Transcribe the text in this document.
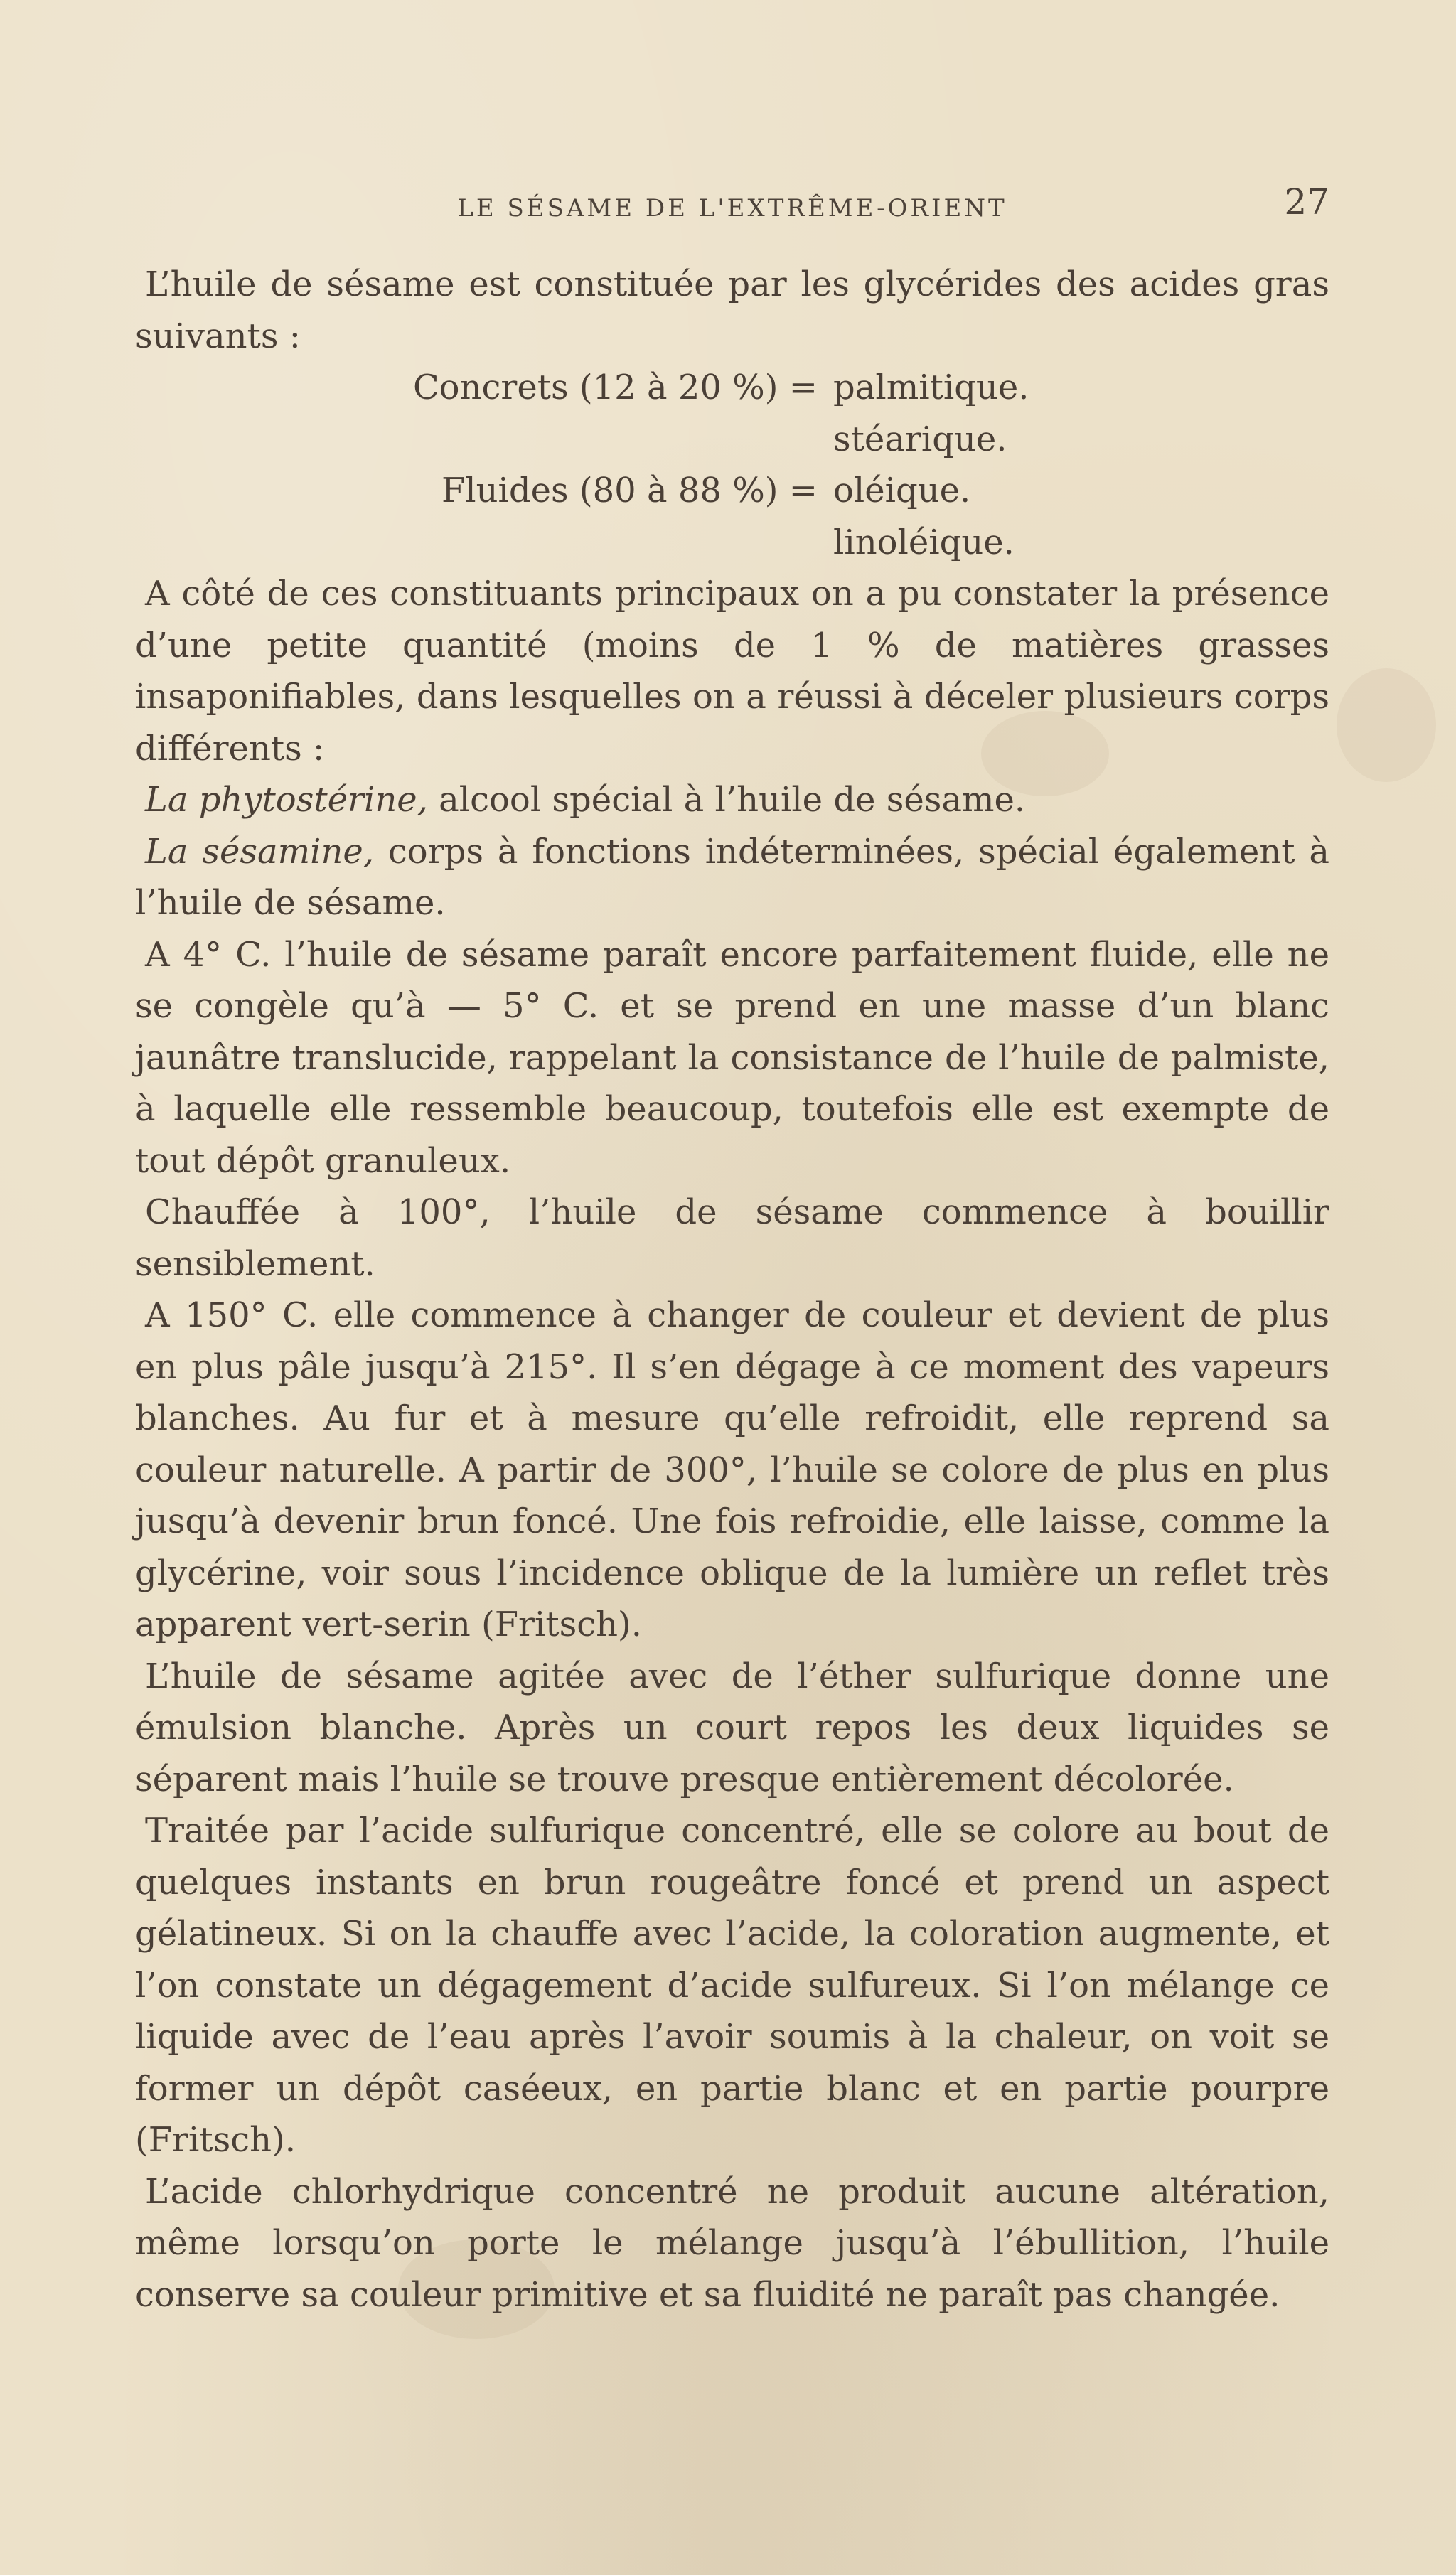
LE SÉSAME DE L'EXTRÊME-ORIENT	27

L’huile de sésame est constituée par les glycérides des acides gras suivants :

Concrets (12 à 20 %) = palmitique.
stéarique.
Fluides (80 à 88 %) = oléique.
linoléique.

A côté de ces constituants principaux on a pu constater la présence d’une petite quantité (moins de 1 % de matières grasses insaponifiables, dans lesquelles on a réussi à déceler plusieurs corps différents :

La phytostérine, alcool spécial à l’huile de sésame.

La sésamine, corps à fonctions indéterminées, spécial également à l’huile de sésame.

A 4° C. l’huile de sésame paraît encore parfaitement fluide, elle ne se congèle qu’à — 5° C. et se prend en une masse d’un blanc jaunâtre translucide, rappelant la consistance de l’huile de palmiste, à laquelle elle ressemble beaucoup, toutefois elle est exempte de tout dépôt granuleux.

Chauffée à 100°, l’huile de sésame commence à bouillir sensiblement.

A 150° C. elle commence à changer de couleur et devient de plus en plus pâle jusqu’à 215°. Il s’en dégage à ce moment des vapeurs blanches. Au fur et à mesure qu’elle refroidit, elle reprend sa couleur naturelle. A partir de 300°, l’huile se colore de plus en plus jusqu’à devenir brun foncé. Une fois refroidie, elle laisse, comme la glycérine, voir sous l’incidence oblique de la lumière un reflet très apparent vert-serin (Fritsch).

L’huile de sésame agitée avec de l’éther sulfurique donne une émulsion blanche. Après un court repos les deux liquides se séparent mais l’huile se trouve presque entièrement décolorée.

Traitée par l’acide sulfurique concentré, elle se colore au bout de quelques instants en brun rougeâtre foncé et prend un aspect gélatineux. Si on la chauffe avec l’acide, la coloration augmente, et l’on constate un dégagement d’acide sulfureux. Si l’on mélange ce liquide avec de l’eau après l’avoir soumis à la chaleur, on voit se former un dépôt caséeux, en partie blanc et en partie pourpre (Fritsch).

L’acide chlorhydrique concentré ne produit aucune altération, même lorsqu’on porte le mélange jusqu’à l’ébullition, l’huile conserve sa couleur primitive et sa fluidité ne paraît pas changée.
